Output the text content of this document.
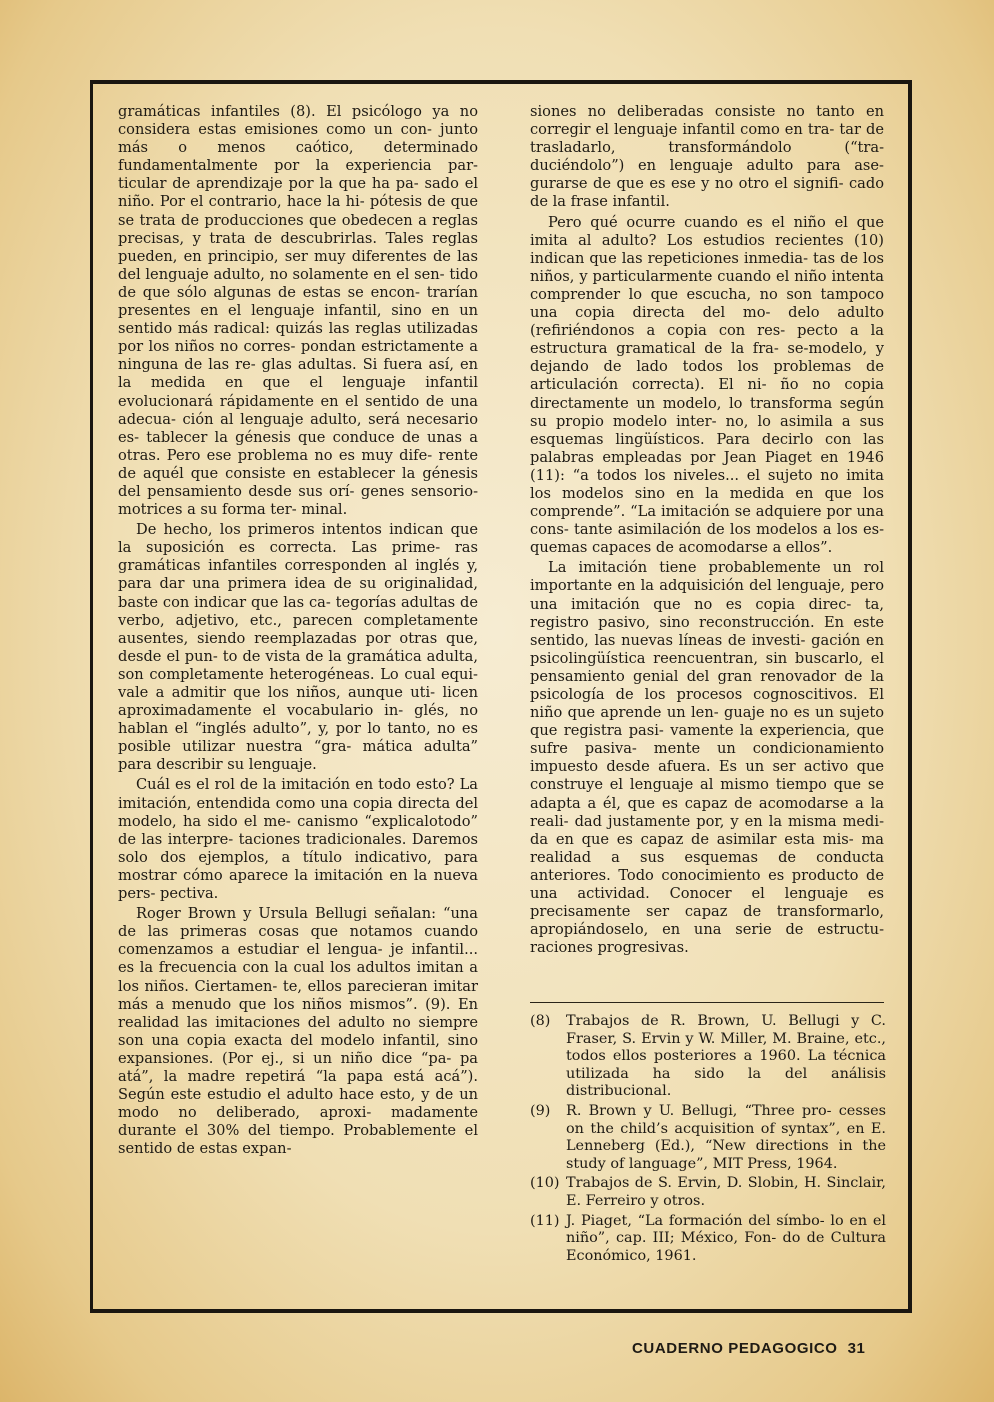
gramáticas infantiles (8). El psicólogo ya no considera estas emisiones como un con- junto más o menos caótico, determinado fundamentalmente por la experiencia par- ticular de aprendizaje por la que ha pa- sado el niño. Por el contrario, hace la hi- pótesis de que se trata de producciones que obedecen a reglas precisas, y trata de descubrirlas. Tales reglas pueden, en principio, ser muy diferentes de las del lenguaje adulto, no solamente en el sen- tido de que sólo algunas de estas se encon- trarían presentes en el lenguaje infantil, sino en un sentido más radical: quizás las reglas utilizadas por los niños no corres- pondan estrictamente a ninguna de las re- glas adultas. Si fuera así, en la medida en que el lenguaje infantil evolucionará rápidamente en el sentido de una adecua- ción al lenguaje adulto, será necesario es- tablecer la génesis que conduce de unas a otras. Pero ese problema no es muy dife- rente de aquél que consiste en establecer la génesis del pensamiento desde sus orí- genes sensorio-motrices a su forma ter- minal.

De hecho, los primeros intentos indican que la suposición es correcta. Las prime- ras gramáticas infantiles corresponden al inglés y, para dar una primera idea de su originalidad, baste con indicar que las ca- tegorías adultas de verbo, adjetivo, etc., parecen completamente ausentes, siendo reemplazadas por otras que, desde el pun- to de vista de la gramática adulta, son completamente heterogéneas. Lo cual equi- vale a admitir que los niños, aunque uti- licen aproximadamente el vocabulario in- glés, no hablan el “inglés adulto”, y, por lo tanto, no es posible utilizar nuestra “gra- mática adulta” para describir su lenguaje.

Cuál es el rol de la imitación en todo esto? La imitación, entendida como una copia directa del modelo, ha sido el me- canismo “explicalotodo” de las interpre- taciones tradicionales. Daremos solo dos ejemplos, a título indicativo, para mostrar cómo aparece la imitación en la nueva pers- pectiva.

Roger Brown y Ursula Bellugi señalan: “una de las primeras cosas que notamos cuando comenzamos a estudiar el lengua- je infantil... es la frecuencia con la cual los adultos imitan a los niños. Ciertamen- te, ellos parecieran imitar más a menudo que los niños mismos”. (9). En realidad las imitaciones del adulto no siempre son una copia exacta del modelo infantil, sino expansiones. (Por ej., si un niño dice “pa- pa atá”, la madre repetirá “la papa está acá”). Según este estudio el adulto hace esto, y de un modo no deliberado, aproxi- madamente durante el 30% del tiempo. Probablemente el sentido de estas expan-

siones no deliberadas consiste no tanto en corregir el lenguaje infantil como en tra- tar de trasladarlo, transformándolo (“tra- duciéndolo”) en lenguaje adulto para ase- gurarse de que es ese y no otro el signifi- cado de la frase infantil.

Pero qué ocurre cuando es el niño el que imita al adulto? Los estudios recientes (10) indican que las repeticiones inmedia- tas de los niños, y particularmente cuando el niño intenta comprender lo que escucha, no son tampoco una copia directa del mo- delo adulto (refiriéndonos a copia con res- pecto a la estructura gramatical de la fra- se-modelo, y dejando de lado todos los problemas de articulación correcta). El ni- ño no copia directamente un modelo, lo transforma según su propio modelo inter- no, lo asimila a sus esquemas lingüísticos. Para decirlo con las palabras empleadas por Jean Piaget en 1946 (11): “a todos los niveles... el sujeto no imita los modelos sino en la medida en que los comprende”. “La imitación se adquiere por una cons- tante asimilación de los modelos a los es- quemas capaces de acomodarse a ellos”.

La imitación tiene probablemente un rol importante en la adquisición del lenguaje, pero una imitación que no es copia direc- ta, registro pasivo, sino reconstrucción. En este sentido, las nuevas líneas de investi- gación en psicolingüística reencuentran, sin buscarlo, el pensamiento genial del gran renovador de la psicología de los procesos cognoscitivos. El niño que aprende un len- guaje no es un sujeto que registra pasi- vamente la experiencia, que sufre pasiva- mente un condicionamiento impuesto desde afuera. Es un ser activo que construye el lenguaje al mismo tiempo que se adapta a él, que es capaz de acomodarse a la reali- dad justamente por, y en la misma medi- da en que es capaz de asimilar esta mis- ma realidad a sus esquemas de conducta anteriores. Todo conocimiento es producto de una actividad. Conocer el lenguaje es precisamente ser capaz de transformarlo, apropiándoselo, en una serie de estructu- raciones progresivas.

(8)	Trabajos de R. Brown, U. Bellugi y C. Fraser, S. Ervin y W. Miller, M. Braine, etc., todos ellos posteriores a 1960. La técnica utilizada ha sido la del análisis distribucional.
(9)	R. Brown y U. Bellugi, “Three pro- cesses on the child’s acquisition of syntax”, en E. Lenneberg (Ed.), “New directions in the study of language”, MIT Press, 1964.
(10) Trabajos de S. Ervin, D. Slobin, H. Sinclair, E. Ferreiro y otros.
(11) J. Piaget, “La formación del símbo- lo en el niño”, cap. III; México, Fon- do de Cultura Económico, 1961.
CUADERNO PEDAGOGICO 31
